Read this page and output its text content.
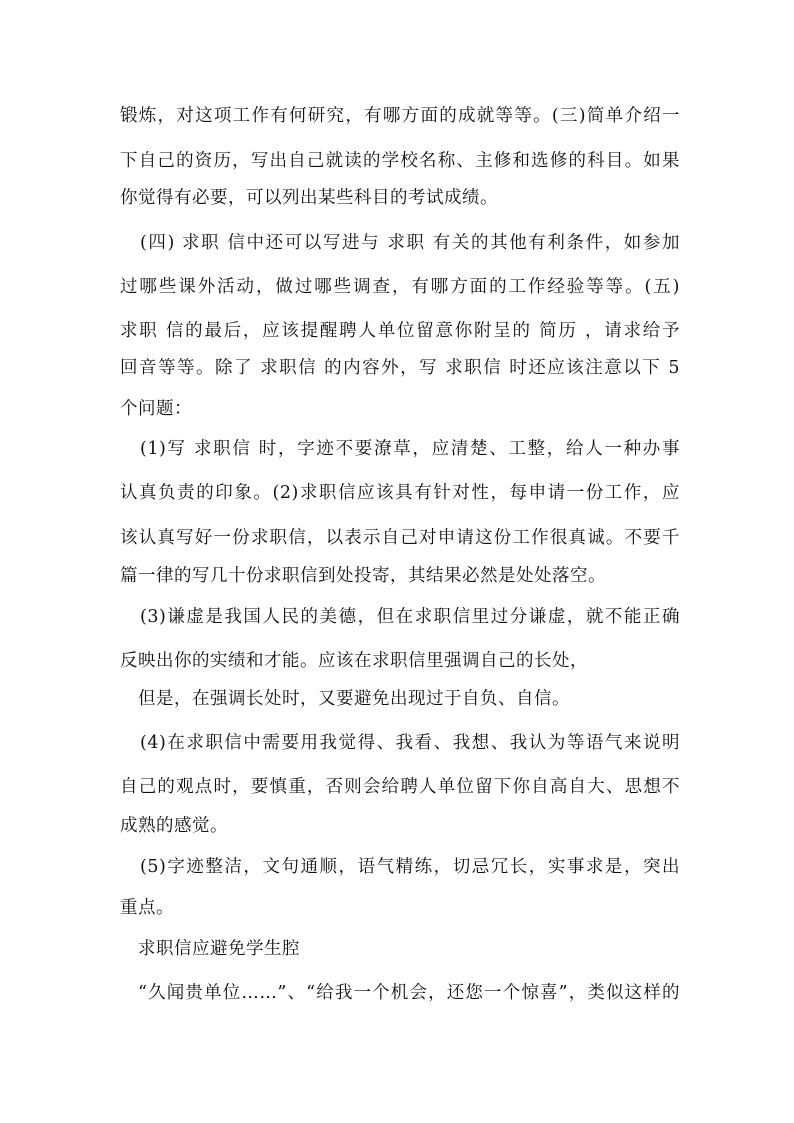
锻炼，对这项工作有何研究，有哪方面的成就等等。(三)简单介绍一
下自己的资历，写出自己就读的学校名称、主修和选修的科目。如果
你觉得有必要，可以列出某些科目的考试成绩。
(四) 求职 信中还可以写进与 求职 有关的其他有利条件，如参加
过哪些课外活动，做过哪些调查，有哪方面的工作经验等等。(五)
求职 信的最后，应该提醒聘人单位留意你附呈的 简历 ，请求给予
回音等等。除了 求职信 的内容外，写 求职信 时还应该注意以下 5
个问题：
(1)写 求职信 时，字迹不要潦草，应清楚、工整，给人一种办事
认真负责的印象。(2)求职信应该具有针对性，每申请一份工作，应
该认真写好一份求职信，以表示自己对申请这份工作很真诚。不要千
篇一律的写几十份求职信到处投寄，其结果必然是处处落空。
(3)谦虚是我国人民的美德，但在求职信里过分谦虚，就不能正确
反映出你的实绩和才能。应该在求职信里强调自己的长处，
但是，在强调长处时，又要避免出现过于自负、自信。
(4)在求职信中需要用我觉得、我看、我想、我认为等语气来说明
自己的观点时，要慎重，否则会给聘人单位留下你自高自大、思想不
成熟的感觉。
(5)字迹整洁，文句通顺，语气精练，切忌冗长，实事求是，突出
重点。
求职信应避免学生腔
“久闻贵单位……”、“给我一个机会，还您一个惊喜”，类似这样的
